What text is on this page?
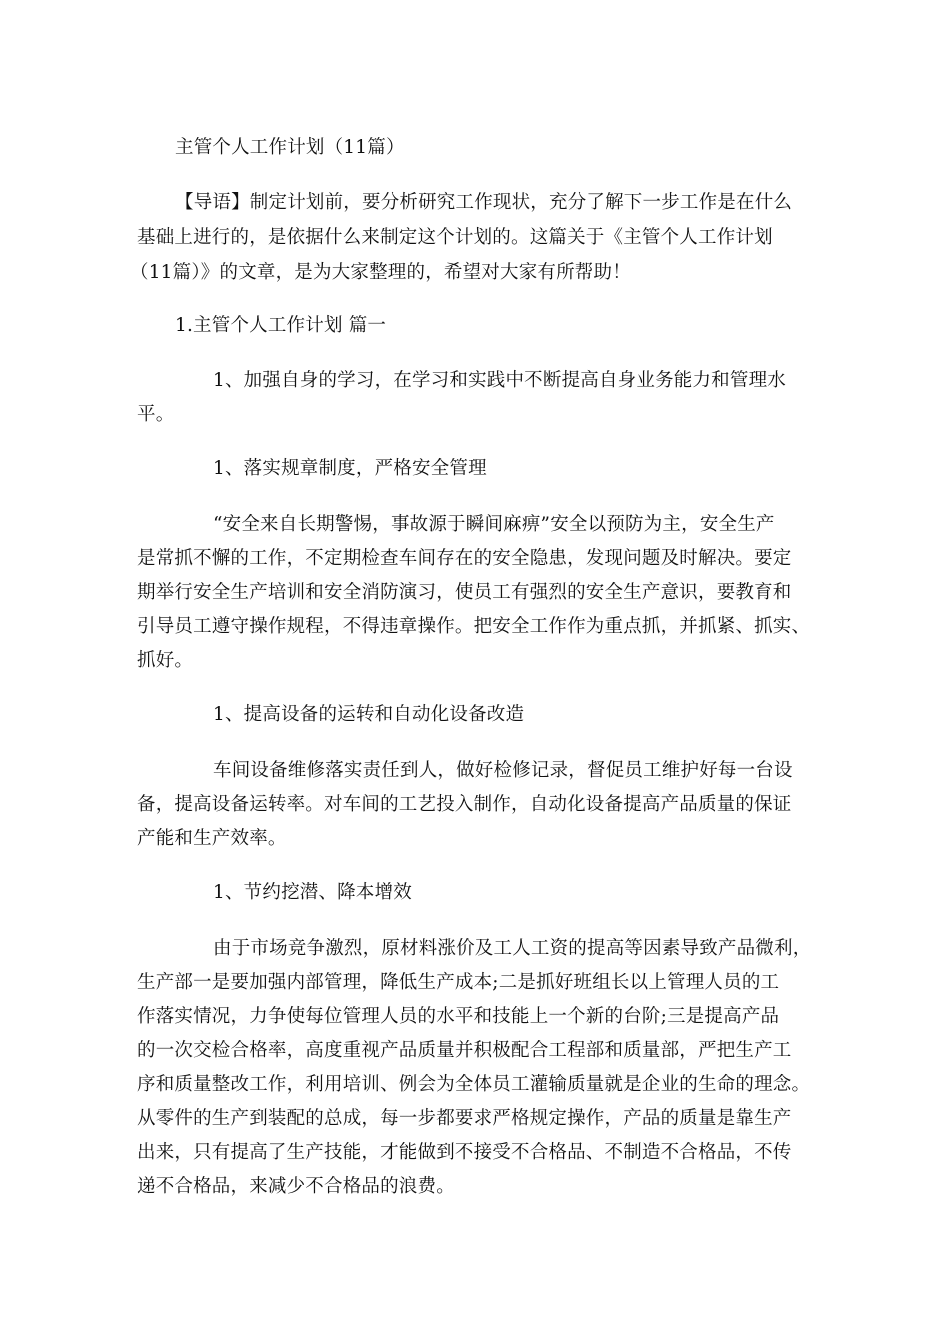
主管个人工作计划（11篇）
【导语】制定计划前，要分析研究工作现状，充分了解下一步工作是在什么
基础上进行的，是依据什么来制定这个计划的。这篇关于《主管个人工作计划
（11篇）》的文章，是为大家整理的，希望对大家有所帮助！
1.主管个人工作计划 篇一
1、加强自身的学习，在学习和实践中不断提高自身业务能力和管理水
平。
1、落实规章制度，严格安全管理
“安全来自长期警惕，事故源于瞬间麻痹”安全以预防为主，安全生产
是常抓不懈的工作，不定期检查车间存在的安全隐患，发现问题及时解决。要定
期举行安全生产培训和安全消防演习，使员工有强烈的安全生产意识，要教育和
引导员工遵守操作规程，不得违章操作。把安全工作作为重点抓，并抓紧、抓实、
抓好。
1、提高设备的运转和自动化设备改造
车间设备维修落实责任到人，做好检修记录，督促员工维护好每一台设
备，提高设备运转率。对车间的工艺投入制作，自动化设备提高产品质量的保证
产能和生产效率。
1、节约挖潜、降本增效
由于市场竞争激烈，原材料涨价及工人工资的提高等因素导致产品微利，
生产部一是要加强内部管理，降低生产成本;二是抓好班组长以上管理人员的工
作落实情况，力争使每位管理人员的水平和技能上一个新的台阶;三是提高产品
的一次交检合格率，高度重视产品质量并积极配合工程部和质量部，严把生产工
序和质量整改工作，利用培训、例会为全体员工灌输质量就是企业的生命的理念。
从零件的生产到装配的总成，每一步都要求严格规定操作，产品的质量是靠生产
出来，只有提高了生产技能，才能做到不接受不合格品、不制造不合格品，不传
递不合格品，来减少不合格品的浪费。
